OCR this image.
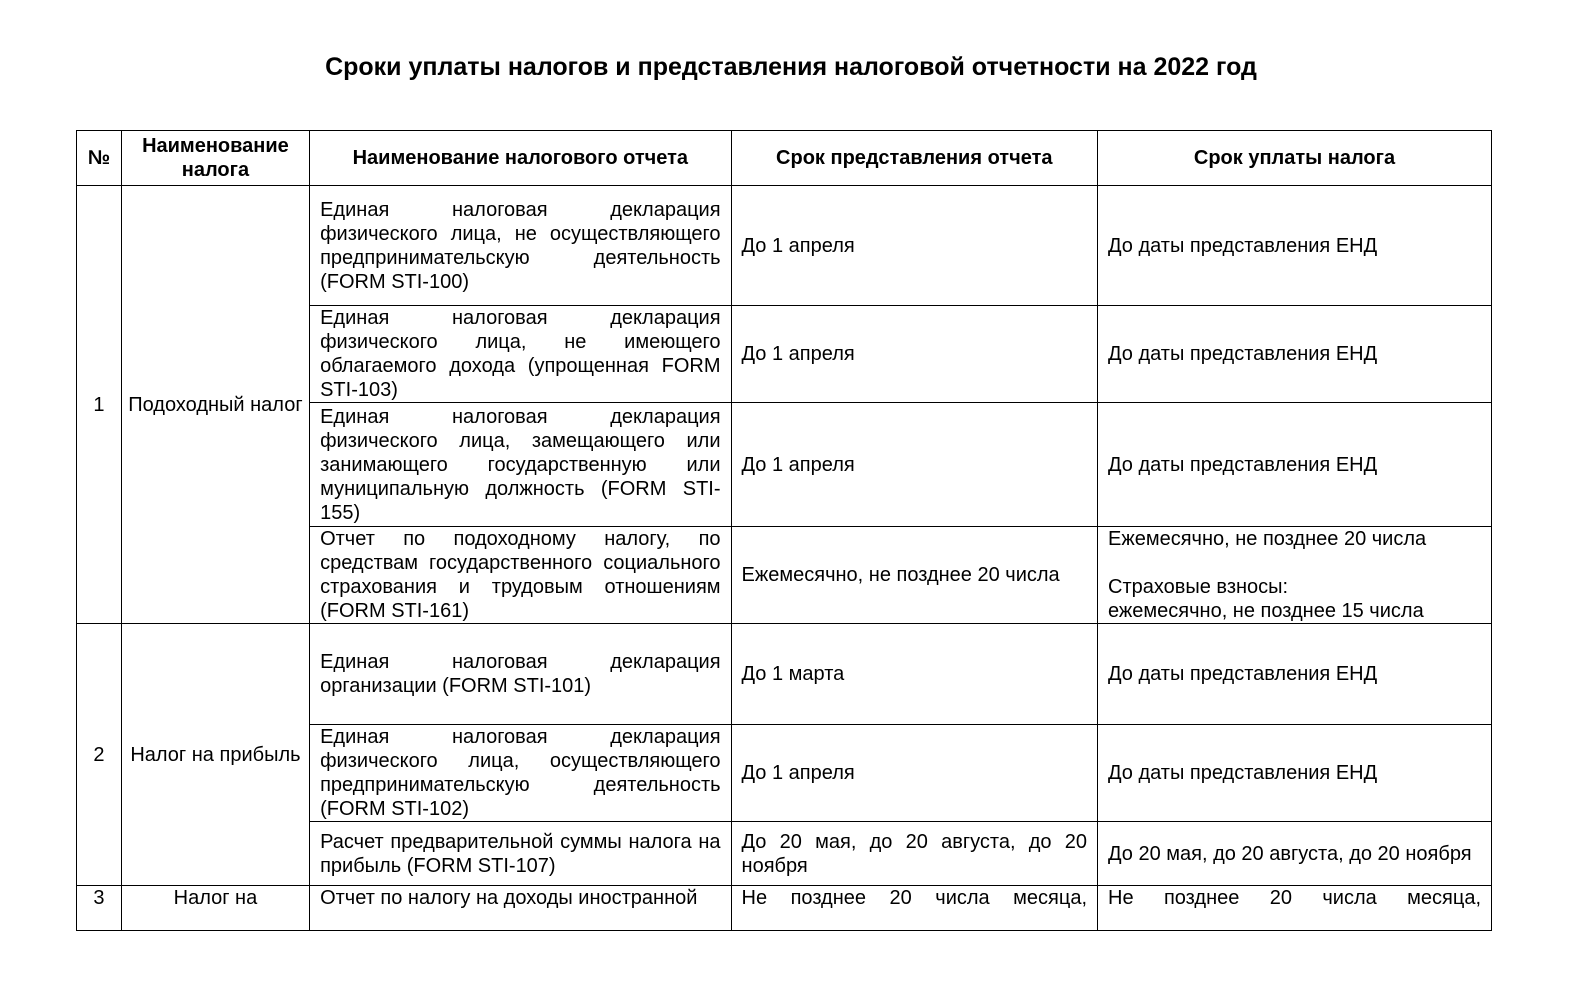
Сроки уплаты налогов и представления налоговой отчетности на 2022 год
№	Наименование налога	Наименование налогового отчета	Срок представления отчета	Срок уплаты налога
1	Подоходный налог	Единая налоговая декларация физического лица, не осуществляющего предпринимательскую деятельность (FORM STI-100)	До 1 апреля	До даты представления ЕНД
		Единая налоговая декларация физического лица, не имеющего облагаемого дохода (упрощенная FORM STI-103)	До 1 апреля	До даты представления ЕНД
		Единая налоговая декларация физического лица, замещающего или занимающего государственную или муниципальную должность (FORM STI-155)	До 1 апреля	До даты представления ЕНД
		Отчет по подоходному налогу, по средствам государственного социального страхования и трудовым отношениям (FORM STI-161)	Ежемесячно, не позднее 20 числа	Ежемесячно, не позднее 20 числа
Страховые взносы:
ежемесячно, не позднее 15 числа

2	Налог на прибыль	Единая налоговая декларация организации (FORM STI-101)	До 1 марта	До даты представления ЕНД
		Единая налоговая декларация физического лица, осуществляющего предпринимательскую деятельность (FORM STI-102)	До 1 апреля	До даты представления ЕНД
		Расчет предварительной суммы налога на прибыль (FORM STI-107)	До 20 мая, до 20 августа, до 20 ноября	До 20 мая, до 20 августа, до 20 ноября
3	Налог на	Отчет по налогу на доходы иностранной	Не позднее 20 числа месяца,	Не позднее 20 числа месяца,
